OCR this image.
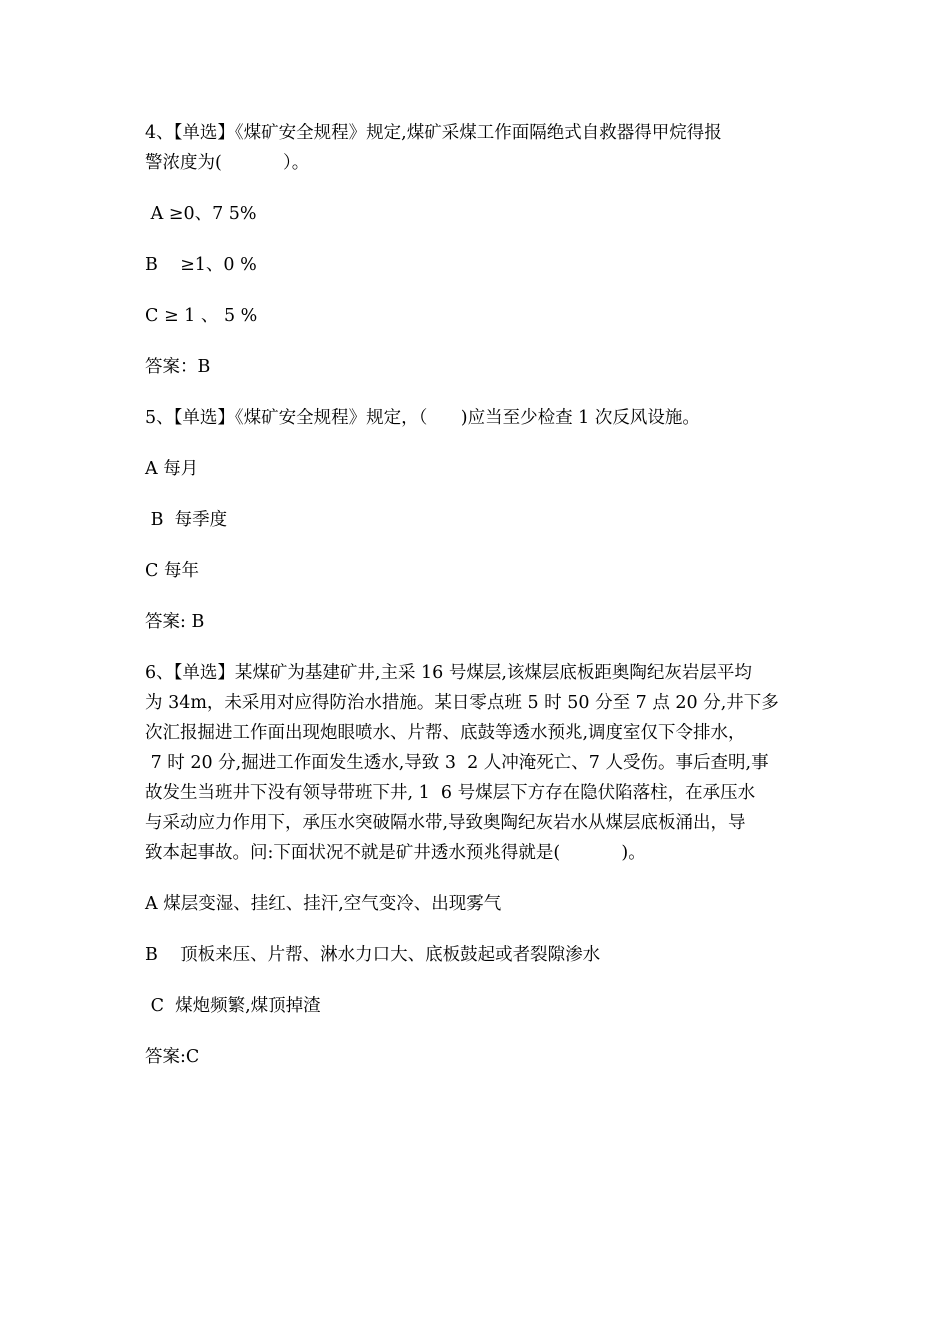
4、【单选】《煤矿安全规程》规定,煤矿采煤工作面隔绝式自救器得甲烷得报
警浓度为(           ）。

A ≥0、7 5%

B    ≥1、0 %

C ≥ 1 、 5 %

答案：B

5、【单选】《煤矿安全规程》规定，（      )应当至少检查 1 次反风设施。

A 每月

B  每季度

C 每年

答案: B

6、【单选】某煤矿为基建矿井,主采 16 号煤层,该煤层底板距奥陶纪灰岩层平均
为 34m，未采用对应得防治水措施。某日零点班 5 时 50 分至 7 点 20 分,井下多
次汇报掘进工作面出现炮眼喷水、片帮、底鼓等透水预兆,调度室仅下令排水，
7 时 20 分,掘进工作面发生透水,导致 3  2 人冲淹死亡、7 人受伤。事后查明,事
故发生当班井下没有领导带班下井, 1  6 号煤层下方存在隐伏陷落柱，在承压水
与采动应力作用下，承压水突破隔水带,导致奥陶纪灰岩水从煤层底板涌出，导
致本起事故。问:下面状况不就是矿井透水预兆得就是(           )。

A 煤层变湿、挂红、挂汗,空气变冷、出现雾气

B    顶板来压、片帮、淋水力口大、底板鼓起或者裂隙渗水

C  煤炮频繁,煤顶掉渣

答案:C
